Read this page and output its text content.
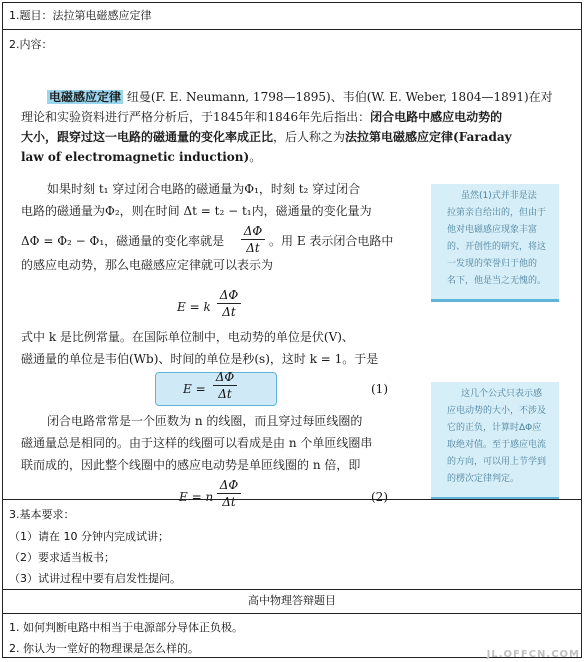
1.题目：法拉第电磁感应定律
2.内容：
电磁感应定律 纽曼(F. E. Neumann, 1798—1895)、韦伯(W. E. Weber, 1804—1891)在对
理论和实验资料进行严格分析后，于1845年和1846年先后指出：闭合电路中感应电动势的
大小，跟穿过这一电路的磁通量的变化率成正比，后人称之为法拉第电磁感应定律(Faraday
law of electromagnetic induction)。
如果时刻 t₁ 穿过闭合电路的磁通量为Φ₁，时刻 t₂ 穿过闭合
电路的磁通量为Φ₂，则在时间 Δt = t₂ − t₁内，磁通量的变化量为
ΔΦ = Φ₂ − Φ₁，磁通量的变化率就是
ΔΦ
Δt 。用 E 表示闭合电路中
的感应电动势，那么电磁感应定律就可以表示为
E = k
ΔΦ
Δt
式中 k 是比例常量。在国际单位制中，电动势的单位是伏(V)、
磁通量的单位是韦伯(Wb)、时间的单位是秒(s)，这时 k = 1。于是
E =
ΔΦ
Δt	(1)
闭合电路常常是一个匝数为 n 的线圈，而且穿过每匝线圈的
磁通量总是相同的。由于这样的线圈可以看成是由 n 个单匝线圈串
联而成的，因此整个线圈中的感应电动势是单匝线圈的 n 倍，即
E = n
ΔΦ
Δt	(2)
虽然(1)式并非是法
拉第亲自给出的，但由于
他对电磁感应现象丰富
的、开创性的研究，将这
一发现的荣誉归于他的
名下，他是当之无愧的。
这几个公式只表示感
应电动势的大小，不涉及
它的正负，计算时ΔΦ应
取绝对值。至于感应电流
的方向，可以用上节学到
的楞次定律判定。
3.基本要求：
（1）请在 10 分钟内完成试讲；
（2）要求适当板书；
（3）试讲过程中要有启发性提问。
高中物理答辩题目
1. 如何判断电路中相当于电源部分导体正负极。
2. 你认为一堂好的物理课是怎么样的。	JL.OFFCN.COM
